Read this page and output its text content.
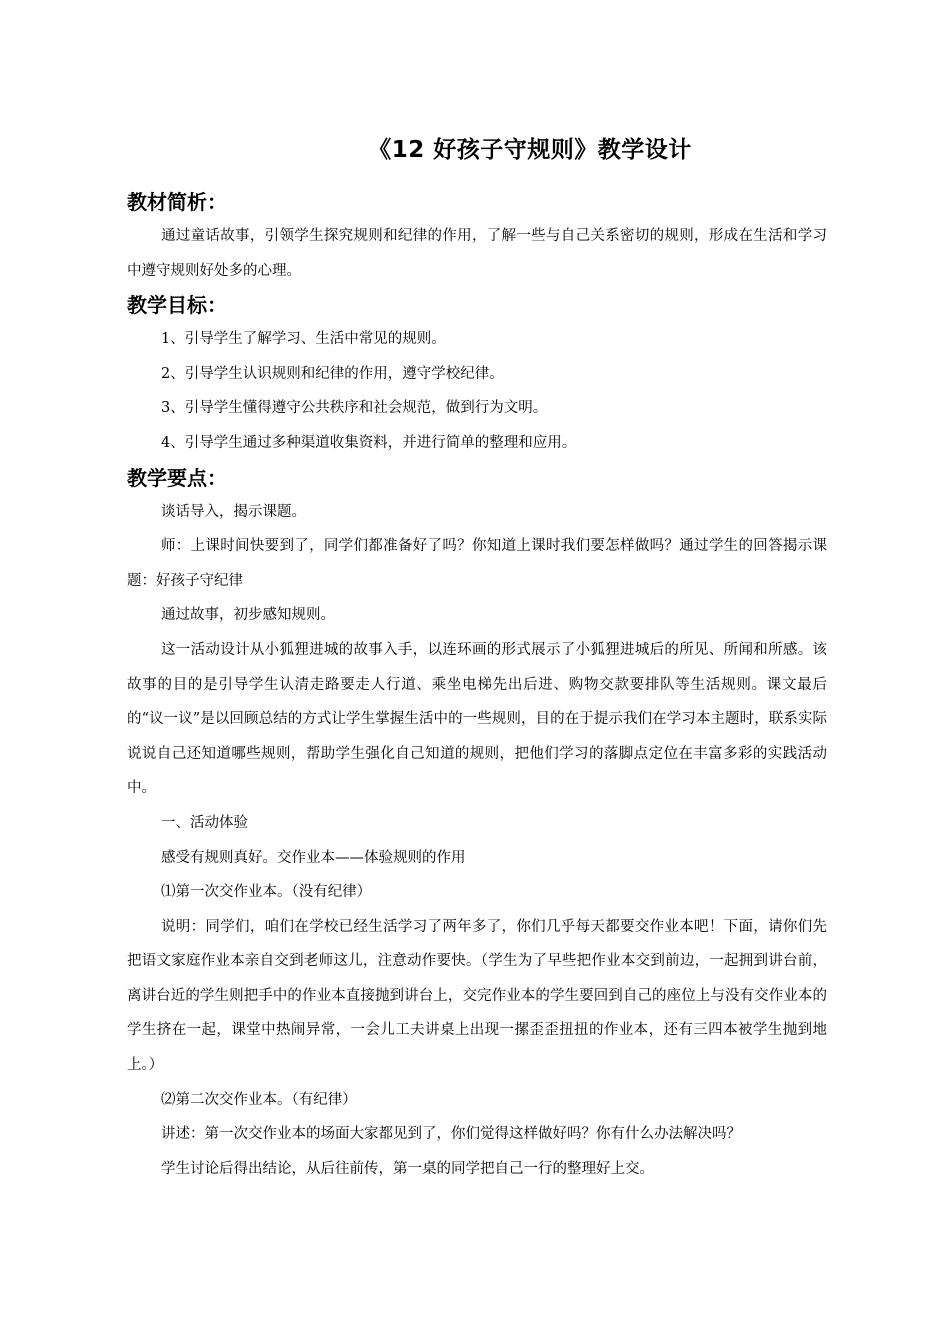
《12 好孩子守规则》教学设计
教材简析：

通过童话故事，引领学生探究规则和纪律的作用，了解一些与自己关系密切的规则，形成在生活和学习中遵守规则好处多的心理。

教学目标：

1、引导学生了解学习、生活中常见的规则。

2、引导学生认识规则和纪律的作用，遵守学校纪律。

3、引导学生懂得遵守公共秩序和社会规范，做到行为文明。

4、引导学生通过多种渠道收集资料，并进行简单的整理和应用。

教学要点：

谈话导入，揭示课题。

师：上课时间快要到了，同学们都准备好了吗？你知道上课时我们要怎样做吗？通过学生的回答揭示课题：好孩子守纪律

通过故事，初步感知规则。

这一活动设计从小狐狸进城的故事入手，以连环画的形式展示了小狐狸进城后的所见、所闻和所感。该故事的目的是引导学生认清走路要走人行道、乘坐电梯先出后进、购物交款要排队等生活规则。课文最后的“议一议”是以回顾总结的方式让学生掌握生活中的一些规则，目的在于提示我们在学习本主题时，联系实际说说自己还知道哪些规则，帮助学生强化自己知道的规则，把他们学习的落脚点定位在丰富多彩的实践活动中。

一、活动体验

感受有规则真好。交作业本——体验规则的作用

⑴第一次交作业本。（没有纪律）

说明：同学们，咱们在学校已经生活学习了两年多了，你们几乎每天都要交作业本吧！下面，请你们先把语文家庭作业本亲自交到老师这儿，注意动作要快。（学生为了早些把作业本交到前边，一起拥到讲台前，离讲台近的学生则把手中的作业本直接抛到讲台上，交完作业本的学生要回到自己的座位上与没有交作业本的学生挤在一起，课堂中热闹异常，一会儿工夫讲桌上出现一摞歪歪扭扭的作业本，还有三四本被学生抛到地上。）

⑵第二次交作业本。（有纪律）

讲述：第一次交作业本的场面大家都见到了，你们觉得这样做好吗？你有什么办法解决吗？

学生讨论后得出结论，从后往前传，第一桌的同学把自己一行的整理好上交。
